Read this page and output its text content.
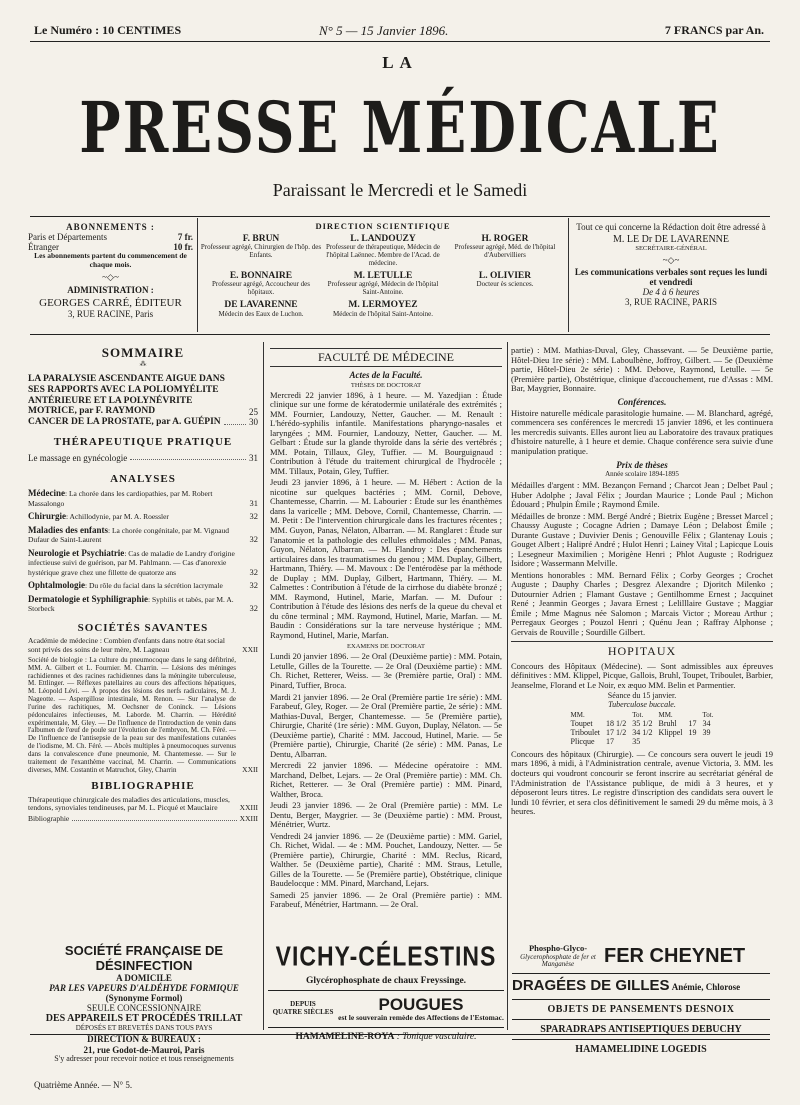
Le Numéro : 10 CENTIMES	N° 5 — 15 Janvier 1896.	7 FRANCS par An.
LA
PRESSE MÉDICALE
Paraissant le Mercredi et le Samedi
ABONNEMENTS :
Paris et Départements	7 fr.
Étranger	10 fr.
Les abonnements partent du commencement de chaque mois.
~◇~
ADMINISTRATION :
GEORGES CARRÉ, ÉDITEUR
3, RUE RACINE, Paris
DIRECTION SCIENTIFIQUE
F. BRUN
Professeur agrégé, Chirurgien de l'hôp. des Enfants.
L. LANDOUZY
Professeur de thérapeutique, Médecin de l'hôpital Laënnec. Membre de l'Acad. de médecine.
H. ROGER
Professeur agrégé, Méd. de l'hôpital d'Aubervilliers
E. BONNAIRE
Professeur agrégé, Accoucheur des hôpitaux.
M. LETULLE
Professeur agrégé, Médecin de l'hôpital Saint-Antoine.
L. OLIVIER
Docteur ès sciences.
DE LAVARENNE
Médecin des Eaux de Luchon.
M. LERMOYEZ
Médecin de l'hôpital Saint-Antoine.
Tout ce qui concerne la Rédaction doit être adressé à
M. LE Dr DE LAVARENNE
SECRÉTAIRE-GÉNÉRAL
~◇~
Les communications verbales sont reçues les lundi et vendredi
De 4 à 6 heures
3, RUE RACINE, PARIS
SOMMAIRE
⁂
LA PARALYSIE ASCENDANTE AIGUE DANS SES RAPPORTS AVEC LA POLIOMYÉLITE ANTÉRIEURE ET LA POLYNÉVRITE MOTRICE, par F. RAYMOND	25
CANCER DE LA PROSTATE, par A. GUÉPIN	30
THÉRAPEUTIQUE PRATIQUE
Le massage en gynécologie	31
ANALYSES
Médecine: La chorée dans les cardiopathies, par M. Robert Massalongo	31
Chirurgie: Achillodynie, par M. A. Roessler	32
Maladies des enfants: La chorée congénitale, par M. Vignaud Dufaur de Saint-Laurent	32
Neurologie et Psychiatrie: Cas de maladie de Landry d'origine infectieuse suivi de guérison, par M. Pahlmann. — Cas d'anorexie hystérique grave chez une fillette de quatorze ans	32
Ophtalmologie: Du rôle du facial dans la sécrétion lacrymale	32
Dermatologie et Syphiligraphie: Syphilis et tabès, par M. A. Storbeck	32
SOCIÉTÉS SAVANTES
Académie de médecine : Combien d'enfants dans notre état social sont privés des soins de leur mère, M. Lagneau	XXII
Société de biologie : La culture du pneumocoque dans le sang défibriné, MM. A. Gilbert et L. Fournier. M. Charrin. — Lésions des méninges rachidiennes et des racines rachidiennes dans la méningite tuberculeuse, M. Ettlinger. — Réflexes patellaires au cours des affections hépatiques, M. Léopold Lévi. — À propos des lésions des nerfs radiculaires, M. J. Nageotte. — Aspergillose intestinale, M. Renon. — Sur l'analyse de l'urine des rachitiques, M. Oechsner de Coninck. — Lésions pédonculaires infectieuses, M. Laborde. M. Charrin. — Hérédité expérimentale, M. Gley. — De l'influence de l'introduction de venin dans l'albumen de l'œuf de poule sur l'évolution de l'embryon, M. Ch. Féré. — De l'influence de l'antisepsie de la peau sur des manifestations cutanées de l'iodisme, M. Ch. Féré. — Abcès multiples à pneumocoques survenus dans la convalescence d'une pneumonie, M. Chantemesse. — Sur le traitement de l'exanthème vaccinal, M. Charrin. — Communications diverses, MM. Costantin et Matruchot, Gley, Charrin	XXII
BIBLIOGRAPHIE
Thérapeutique chirurgicale des maladies des articulations, muscles, tendons, synoviales tendineuses, par M. L. Picqué et Mauclaire	XXIII
Bibliographie	XXIII
FACULTÉ DE MÉDECINE
Actes de la Faculté.
THÈSES DE DOCTORAT

Mercredi 22 janvier 1896, à 1 heure. — M. Yazedjian : Étude clinique sur une forme de kératodermie unilatérale des extrémités ; MM. Fournier, Landouzy, Netter, Gaucher. — M. Renault : L'hérédo-syphilis infantile. Manifestations pharyngo-nasales et laryngées ; MM. Fournier, Landouzy, Netter, Gaucher. — M. Gelbart : Étude sur la glande thyroïde dans la série des vertébrés ; MM. Potain, Tillaux, Gley, Tuffier. — M. Bourguignaud : Contribution à l'étude du traitement chirurgical de l'hydrocèle ; MM. Tillaux, Potain, Gley, Tuffier.

Jeudi 23 janvier 1896, à 1 heure. — M. Hébert : Action de la nicotine sur quelques bactéries ; MM. Cornil, Debove, Chantemesse, Charrin. — M. Labourier : Étude sur les énanthèmes dans la varicelle ; MM. Debove, Cornil, Chantemesse, Charrin. — M. Petit : De l'intervention chirurgicale dans les fractures récentes ; MM. Guyon, Panas, Nélaton, Albarran. — M. Ranglaret : Étude sur l'anatomie et la pathologie des cellules ethmoïdales ; MM. Panas, Guyon, Nélaton, Albarran. — M. Flandroy : Des épanchements articulaires dans les traumatismes du genou ; MM. Duplay, Gilbert, Hartmann, Thiéry. — M. Mavoux : De l'entérodèse par la méthode de Duplay ; MM. Duplay, Gilbert, Hartmann, Thiéry. — M. Calmettes : Contribution à l'étude de la cirrhose du diabète bronzé ; MM. Raymond, Hutinel, Marie, Marfan. — M. Dufour : Contribution à l'étude des lésions des nerfs de la queue du cheval et du cône terminal ; MM. Raymond, Hutinel, Marie, Marfan. — M. Baudin : Considérations sur la tare nerveuse hystérique ; MM. Raymond, Hutinel, Marie, Marfan.

EXAMENS DE DOCTORAT

Lundi 20 janvier 1896. — 2e Oral (Deuxième partie) : MM. Potain, Letulle, Gilles de la Tourette. — 2e Oral (Deuxième partie) : MM. Ch. Richet, Retterer, Weiss. — 3e (Première partie, Oral) : MM. Pinard, Tuffier, Broca.

Mardi 21 janvier 1896. — 2e Oral (Première partie 1re série) : MM. Farabeuf, Gley, Roger. — 2e Oral (Première partie, 2e série) : MM. Mathias-Duval, Berger, Chantemesse. — 5e (Première partie), Chirurgie, Charité (1re série) : MM. Guyon, Duplay, Nélaton. — 5e (Deuxième partie), Charité : MM. Jaccoud, Hutinel, Marie. — 5e (Première partie), Chirurgie, Charité (2e série) : MM. Panas, Le Dentu, Albarran.

Mercredi 22 janvier 1896. — Médecine opératoire : MM. Marchand, Delbet, Lejars. — 2e Oral (Première partie) : MM. Ch. Richet, Retterer. — 3e Oral (Première partie) : MM. Pinard, Walther, Broca.

Jeudi 23 janvier 1896. — 2e Oral (Première partie) : MM. Le Dentu, Berger, Maygrier. — 3e (Deuxième partie) : MM. Proust, Ménétrier, Wurtz.

Vendredi 24 janvier 1896. — 2e (Deuxième partie) : MM. Gariel, Ch. Richet, Widal. — 4e : MM. Pouchet, Landouzy, Netter. — 5e (Première partie), Chirurgie, Charité : MM. Reclus, Ricard, Walther. 5e (Deuxième partie), Charité : MM. Straus, Letulle, Gilles de la Tourette. — 5e (Première partie), Obstétrique, clinique Baudelocque : MM. Pinard, Marchand, Lejars.

Samedi 25 janvier 1896. — 2e Oral (Première partie) : MM. Farabeuf, Ménétrier, Hartmann. — 2e Oral.

partie) : MM. Mathias-Duval, Gley, Chassevant. — 5e Deuxième partie, Hôtel-Dieu 1re série) : MM. Laboulbène, Joffroy, Gilbert. — 5e (Deuxième partie, Hôtel-Dieu 2e série) : MM. Debove, Raymond, Letulle. — 5e (Première partie), Obstétrique, clinique d'accouchement, rue d'Assas : MM. Bar, Maygrier, Bonnaire.

Conférences.

Histoire naturelle médicale parasitologie humaine. — M. Blanchard, agrégé, commencera ses conférences le mercredi 15 janvier 1896, et les continuera les mercredis suivants. Elles auront lieu au Laboratoire des travaux pratiques d'histoire naturelle, à 1 heure et demie. Chaque conférence sera suivie d'une manipulation pratique.

Prix de thèses
Année scolaire 1894-1895

Médailles d'argent : MM. Bezançon Fernand ; Charcot Jean ; Delbet Paul ; Huber Adolphe ; Javal Félix ; Jourdan Maurice ; Londe Paul ; Michon Édouard ; Phulpin Émile ; Raymond Émile.

Médailles de bronze : MM. Bergé André ; Bietrix Eugène ; Bresset Marcel ; Chaussy Auguste ; Cocagne Adrien ; Damaye Léon ; Delabost Émile ; Durante Gustave ; Duvivier Denis ; Genouville Félix ; Glantenay Louis ; Gouget Albert ; Halipré André ; Hulot Henri ; Lainey Vital ; Lapicque Louis ; Lesegneur Maximilien ; Morigène Henri ; Phlot Auguste ; Rodriguez Isidore ; Wassermann Melville.

Mentions honorables : MM. Bernard Félix ; Corby Georges ; Crochet Auguste ; Dauphy Charles ; Desgrez Alexandre ; Djoritch Milenko ; Dutournier Adrien ; Flamant Gustave ; Gentilhomme Ernest ; Jacquinet René ; Jeanmin Georges ; Javara Ernest ; Lelilllaire Gustave ; Maggiar Émile ; Mme Magnus née Salomon ; Marcais Victor ; Moreau Arthur ; Perregaux Georges ; Pouzol Henri ; Quénu Jean ; Raffray Alphonse ; Gervais de Rouville ; Sourdille Gilbert.

HOPITAUX

Concours des Hôpitaux (Médecine). — Sont admissibles aux épreuves définitives : MM. Klippel, Picque, Gallois, Bruhl, Toupet, Triboulet, Barbier, Jeanselme, Florand et Le Noir, ex æquo MM. Belin et Parmentier.

Séance du 15 janvier.
Tuberculose buccale.
MM.		Tot.	MM.		Tot.
Toupet	18 1/2	35 1/2	Bruhl	17	34
Triboulet	17 1/2	34 1/2	Klippel	19	39
Plicque	17	35			

Concours des hôpitaux (Chirurgie). — Ce concours sera ouvert le jeudi 19 mars 1896, à midi, à l'Administration centrale, avenue Victoria, 3. MM. les docteurs qui voudront concourir se feront inscrire au secrétariat général de l'Administration de l'Assistance publique, de midi à 3 heures, et y déposeront leurs titres. Le registre d'inscription des candidats sera ouvert le lundi 10 février, et sera clos définitivement le samedi 29 du même mois, à 3 heures.

SOCIÉTÉ FRANÇAISE DE DÉSINFECTION
A DOMICILE
PAR LES VAPEURS D'ALDÉHYDE FORMIQUE
(Synonyme Formol)
SEULE CONCESSIONNAIRE
DES APPAREILS ET PROCÉDÉS TRILLAT
DÉPOSÉS ET BREVETÉS DANS TOUS PAYS
DIRECTION & BUREAUX :
21, rue Godot-de-Mauroi, Paris
S'y adresser pour recevoir notice et tous renseignements
Quatrième Année. — N° 5.
VICHY-CÉLESTINS
Glycérophosphate de chaux Freyssinge.
DEPUIS
QUATRE SIÈCLES	POUGUES
est le souverain remède des Affections de l'Estomac.
HAMAMELINE-ROYA : Tonique vasculaire.
Phospho-Glyco-
Glycerophosphate de fer et Manganèse	FER CHEYNET
DRAGÉES DE GILLES Anémie, Chlorose
OBJETS DE PANSEMENTS DESNOIX
SPARADRAPS ANTISEPTIQUES DEBUCHY
HAMAMELIDINE LOGEDIS
